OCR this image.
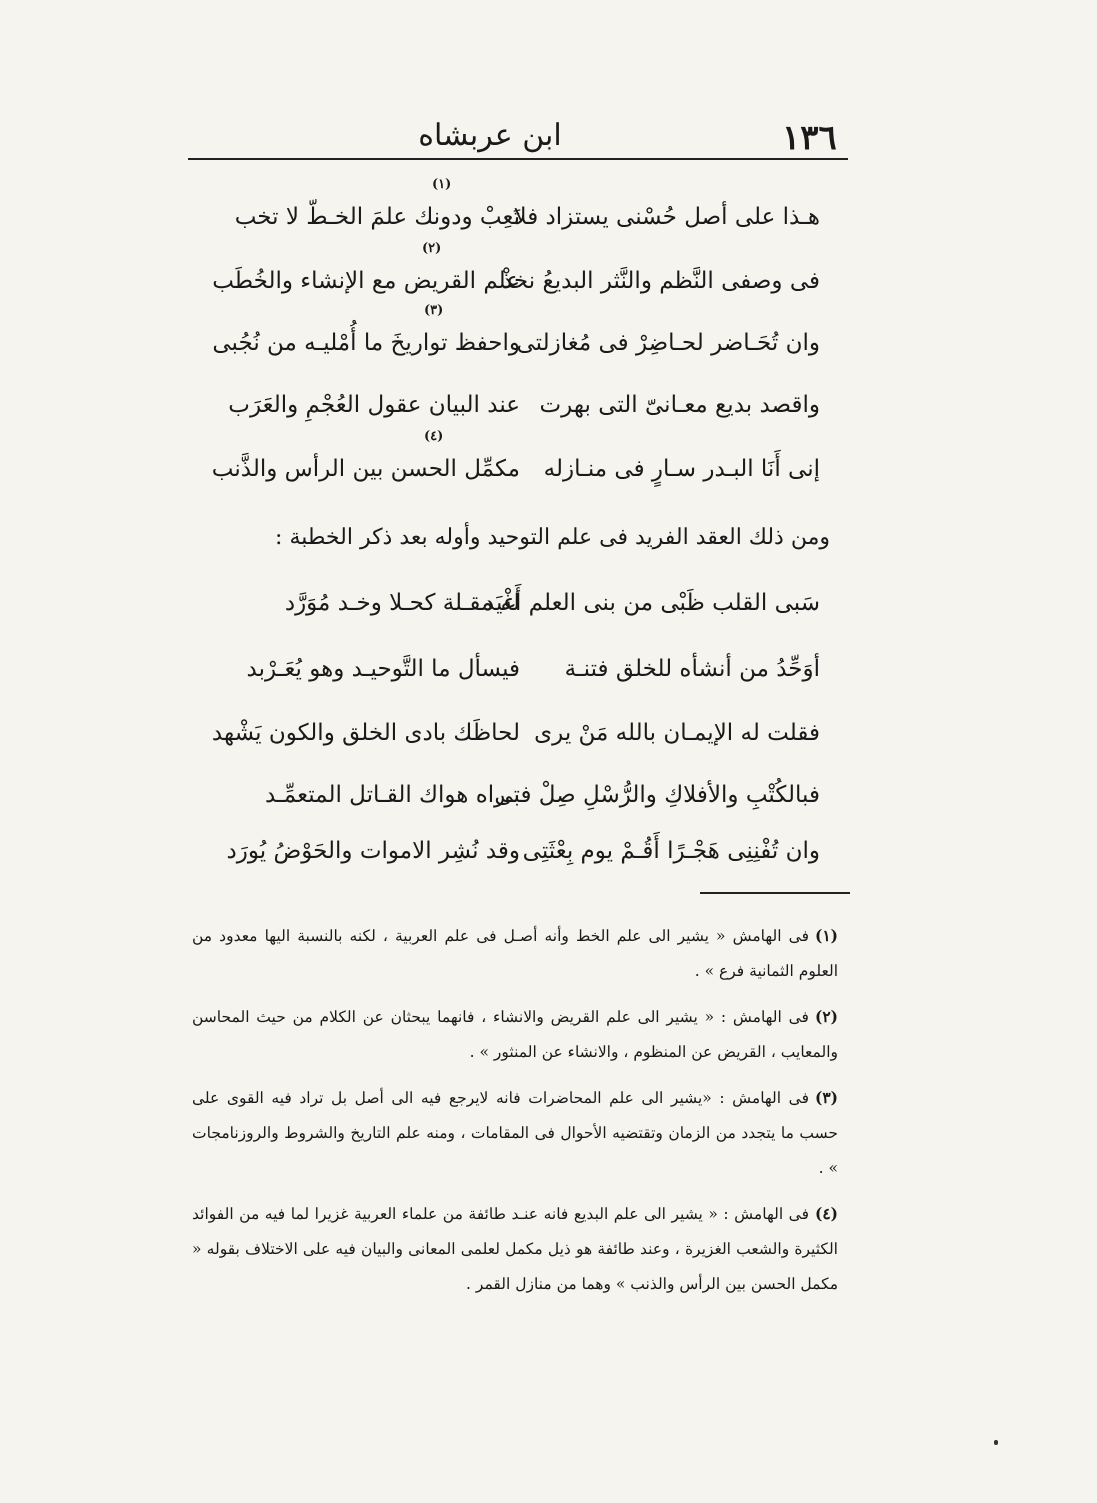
١٣٦
ابن عربشاه
هـذا على أصل حُسْنى يستزاد فلا
تَعِبْ ودونك علمَ الخـطّ لا تخب
(١)
فى وصفى النَّظم والنَّثر البديعُ نخذْ
علم القريض مع الإنشاء والخُطَب
(٢)
وان تُحَـاضر لحـاضِرْ فى مُغازلتى
واحفظ تواريخَ ما أُمْليـه من نُجُبى
(٣)
واقصد بديع معـانىّ التى بهرت
عند البيان عقول العُجْمِ والعَرَب
إنى أَنَا البـدر سـارٍ فى منـازله
مكمِّل الحسن بين الرأس والذَّنب
(٤)
ومن ذلك العقد الفريد فى علم التوحيد وأوله بعد ذكر الخطبة :
سَبى القلب ظَبْى من بنى العلم أَغْيَد
له مقـلة كحـلا وخـد مُوَرَّد
أوَحِّدُ من أنشأه للخلق فتنـة
فيسأل ما التَّوحيـد وهو يُعَـرْبد
فقلت له الإيمـان بالله مَنْ يرى
لحاظَك بادى الخلق والكون يَشْهد
فبالكُتْبِ والأفلاكِ والرُّسْلِ صِلْ فتى
بـراه هواك القـاتل المتعمِّـد
وان تُفْنِنِى هَجْـرًا أَقُـمْ يوم بِعْثَتِى
وقد نُشِر الاموات والحَوْضُ يُورَد

(١)فى الهامش « يشير الى علم الخط وأنه أصـل فى علم العربية ، لكنه بالنسبة اليها معدود من العلوم الثمانية فرع » .

(٢)فى الهامش : « يشير الى علم القريض والانشاء ، فانهما يبحثان عن الكلام من حيث المحاسن والمعايب ، القريض عن المنظوم ، والانشاء عن المنثور » .

(٣)فى الهامش : «يشير الى علم المحاضرات فانه لايرجع فيه الى أصل بل تراد فيه القوى على حسب ما يتجدد من الزمان وتقتضيه الأحوال فى المقامات ، ومنه علم التاريخ والشروط والروزنامجات » .

(٤)فى الهامش : « يشير الى علم البديع فانه عنـد طائفة من علماء العربية غزيرا لما فيه من الفوائد الكثيرة والشعب الغزيرة ، وعند طائفة هو ذيل مكمل لعلمى المعانى والبيان فيه على الاختلاف بقوله « مكمل الحسن بين الرأس والذنب » وهما من منازل القمر .
